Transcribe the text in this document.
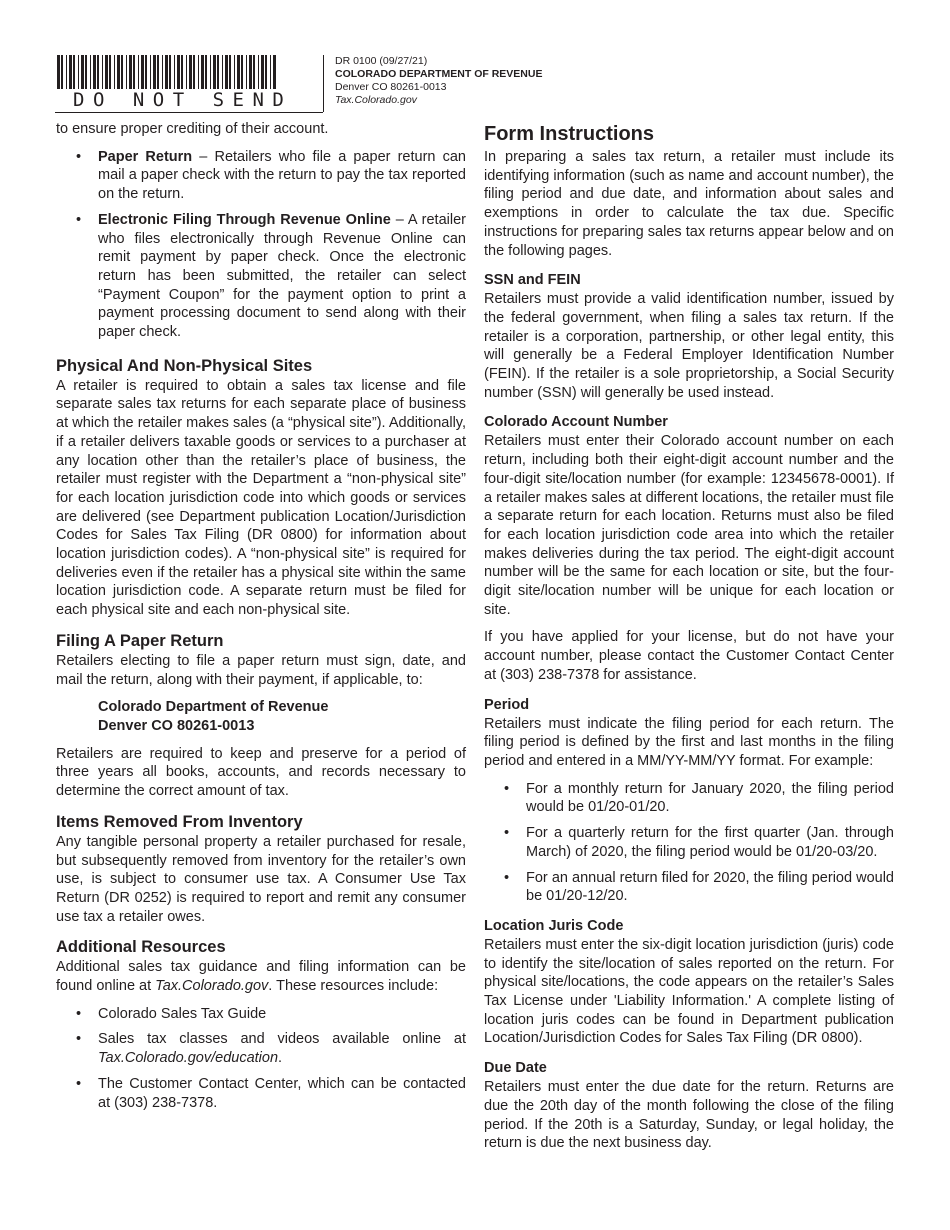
DO NOT SEND
DR 0100 (09/27/21)
COLORADO DEPARTMENT OF REVENUE
Denver CO 80261-0013
Tax.Colorado.gov

to ensure proper crediting of their account.

• Paper Return – Retailers who file a paper return can mail a paper check with the return to pay the tax reported on the return.
• Electronic Filing Through Revenue Online – A retailer who files electronically through Revenue Online can remit payment by paper check. Once the electronic return has been submitted, the retailer can select “Payment Coupon” for the payment option to print a payment processing document to send along with their paper check.
Physical And Non-Physical Sites

A retailer is required to obtain a sales tax license and file separate sales tax returns for each separate place of business at which the retailer makes sales (a “physical site”). Additionally, if a retailer delivers taxable goods or services to a purchaser at any location other than the retailer’s place of business, the retailer must register with the Department a “non-physical site” for each location jurisdiction code into which goods or services are delivered (see Department publication Location/Jurisdiction Codes for Sales Tax Filing (DR 0800) for information about location jurisdiction codes). A “non-physical site” is required for deliveries even if the retailer has a physical site within the same location jurisdiction code. A separate return must be filed for each physical site and each non-physical site.

Filing A Paper Return

Retailers electing to file a paper return must sign, date, and mail the return, along with their payment, if applicable, to:

Colorado Department of Revenue
Denver CO 80261-0013

Retailers are required to keep and preserve for a period of three years all books, accounts, and records necessary to determine the correct amount of tax.

Items Removed From Inventory

Any tangible personal property a retailer purchased for resale, but subsequently removed from inventory for the retailer’s own use, is subject to consumer use tax. A Consumer Use Tax Return (DR 0252) is required to report and remit any consumer use tax a retailer owes.

Additional Resources

Additional sales tax guidance and filing information can be found online at Tax.Colorado.gov. These resources include:

• Colorado Sales Tax Guide
• Sales tax classes and videos available online at Tax.Colorado.gov/education.
• The Customer Contact Center, which can be contacted at (303) 238-7378.
Form Instructions

In preparing a sales tax return, a retailer must include its identifying information (such as name and account number), the filing period and due date, and information about sales and exemptions in order to calculate the tax due. Specific instructions for preparing sales tax returns appear below and on the following pages.

SSN and FEIN

Retailers must provide a valid identification number, issued by the federal government, when filing a sales tax return. If the retailer is a corporation, partnership, or other legal entity, this will generally be a Federal Employer Identification Number (FEIN). If the retailer is a sole proprietorship, a Social Security number (SSN) will generally be used instead.

Colorado Account Number

Retailers must enter their Colorado account number on each return, including both their eight-digit account number and the four-digit site/location number (for example: 12345678-0001). If a retailer makes sales at different locations, the retailer must file a separate return for each location. Returns must also be filed for each location jurisdiction code area into which the retailer makes deliveries during the tax period. The eight-digit account number will be the same for each location or site, but the four-digit site/location number will be unique for each location or site.

If you have applied for your license, but do not have your account number, please contact the Customer Contact Center at (303) 238-7378 for assistance.

Period

Retailers must indicate the filing period for each return. The filing period is defined by the first and last months in the filing period and entered in a MM/YY-MM/YY format. For example:

• For a monthly return for January 2020, the filing period would be 01/20-01/20.
• For a quarterly return for the first quarter (Jan. through March) of 2020, the filing period would be 01/20-03/20.
• For an annual return filed for 2020, the filing period would be 01/20-12/20.
Location Juris Code

Retailers must enter the six-digit location jurisdiction (juris) code to identify the site/location of sales reported on the return. For physical site/locations, the code appears on the retailer’s Sales Tax License under 'Liability Information.' A complete listing of location juris codes can be found in Department publication Location/Jurisdiction Codes for Sales Tax Filing (DR 0800).

Due Date

Retailers must enter the due date for the return. Returns are due the 20th day of the month following the close of the filing period. If the 20th is a Saturday, Sunday, or legal holiday, the return is due the next business day.
